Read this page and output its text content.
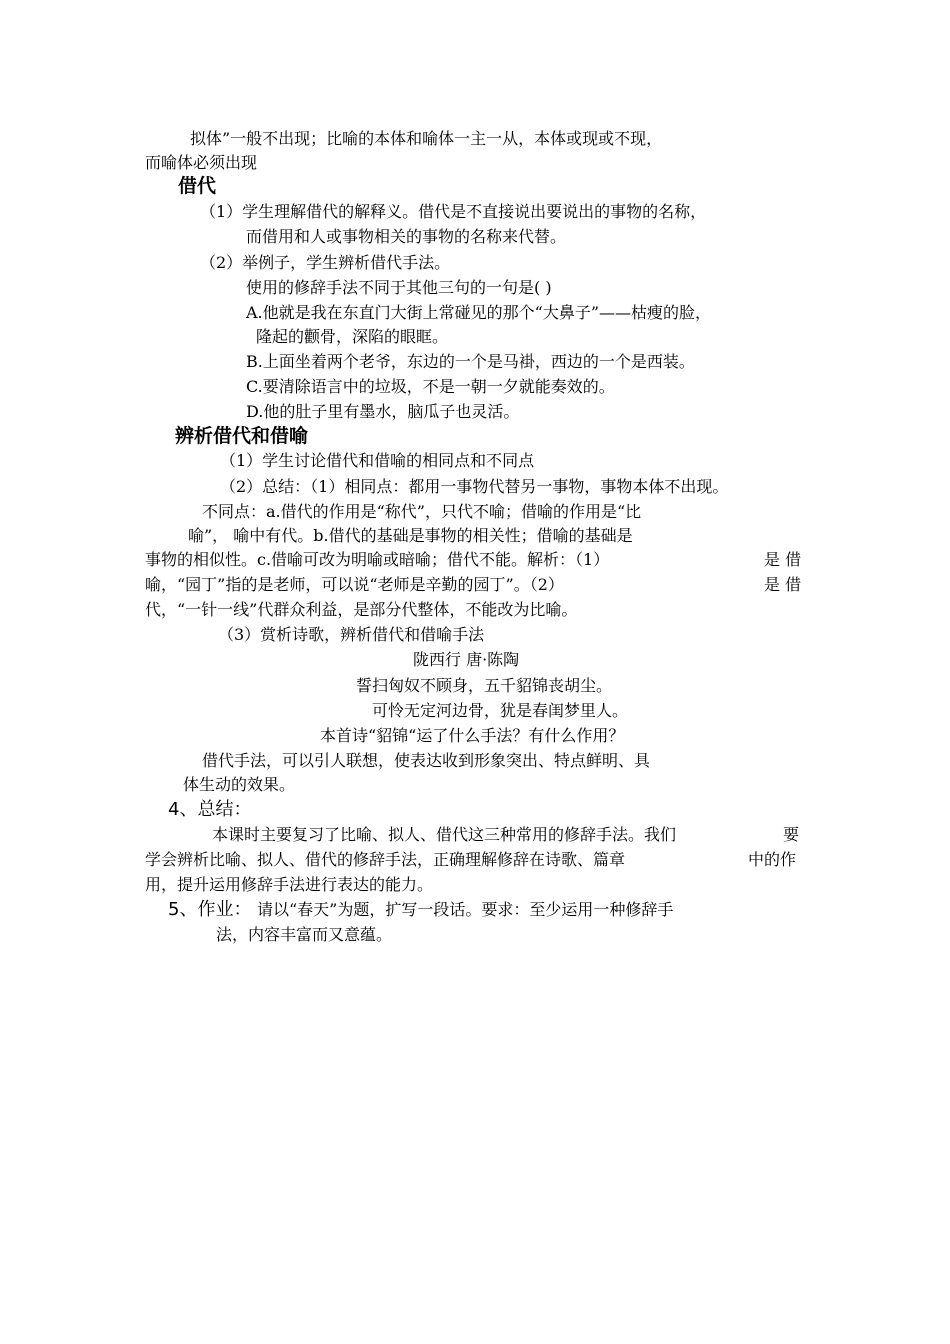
拟体”一般不出现；比喻的本体和喻体一主一从，本体或现或不现，
而喻体必须出现
借代
（1）学生理解借代的解释义。借代是不直接说出要说出的事物的名称，
而借用和人或事物相关的事物的名称来代替。
（2）举例子，学生辨析借代手法。
使用的修辞手法不同于其他三句的一句是( )
A.他就是我在东直门大街上常碰见的那个“大鼻子”——枯瘦的脸，
隆起的颧骨，深陷的眼眶。
B.上面坐着两个老爷，东边的一个是马褂，西边的一个是西装。
C.要清除语言中的垃圾，不是一朝一夕就能奏效的。
D.他的肚子里有墨水，脑瓜子也灵活。
辨析借代和借喻
（1）学生讨论借代和借喻的相同点和不同点
（2）总结：（1）相同点：都用一事物代替另一事物，事物本体不出现。
不同点：a.借代的作用是“称代”，只代不喻；借喻的作用是“比
喻”， 喻中有代。b.借代的基础是事物的相关性；借喻的基础是
事物的相似性。c.借喻可改为明喻或暗喻；借代不能。解析：（1）	是 借
喻，“园丁”指的是老师，可以说“老师是辛勤的园丁”。（2）	是 借
代，“一针一线”代群众利益，是部分代整体，不能改为比喻。
（3）赏析诗歌，辨析借代和借喻手法
陇西行 唐·陈陶
誓扫匈奴不顾身，五千貂锦丧胡尘。
可怜无定河边骨，犹是春闺梦里人。
本首诗“貂锦“运了什么手法？有什么作用？
借代手法，可以引人联想，使表达收到形象突出、特点鲜明、具
体生动的效果。
4、总结：
本课时主要复习了比喻、拟人、借代这三种常用的修辞手法。我们	要
学会辨析比喻、拟人、借代的修辞手法，正确理解修辞在诗歌、篇章	中的作
用，提升运用修辞手法进行表达的能力。
5、作业： 请以“春天”为题，扩写一段话。要求：至少运用一种修辞手
法，内容丰富而又意蕴。
